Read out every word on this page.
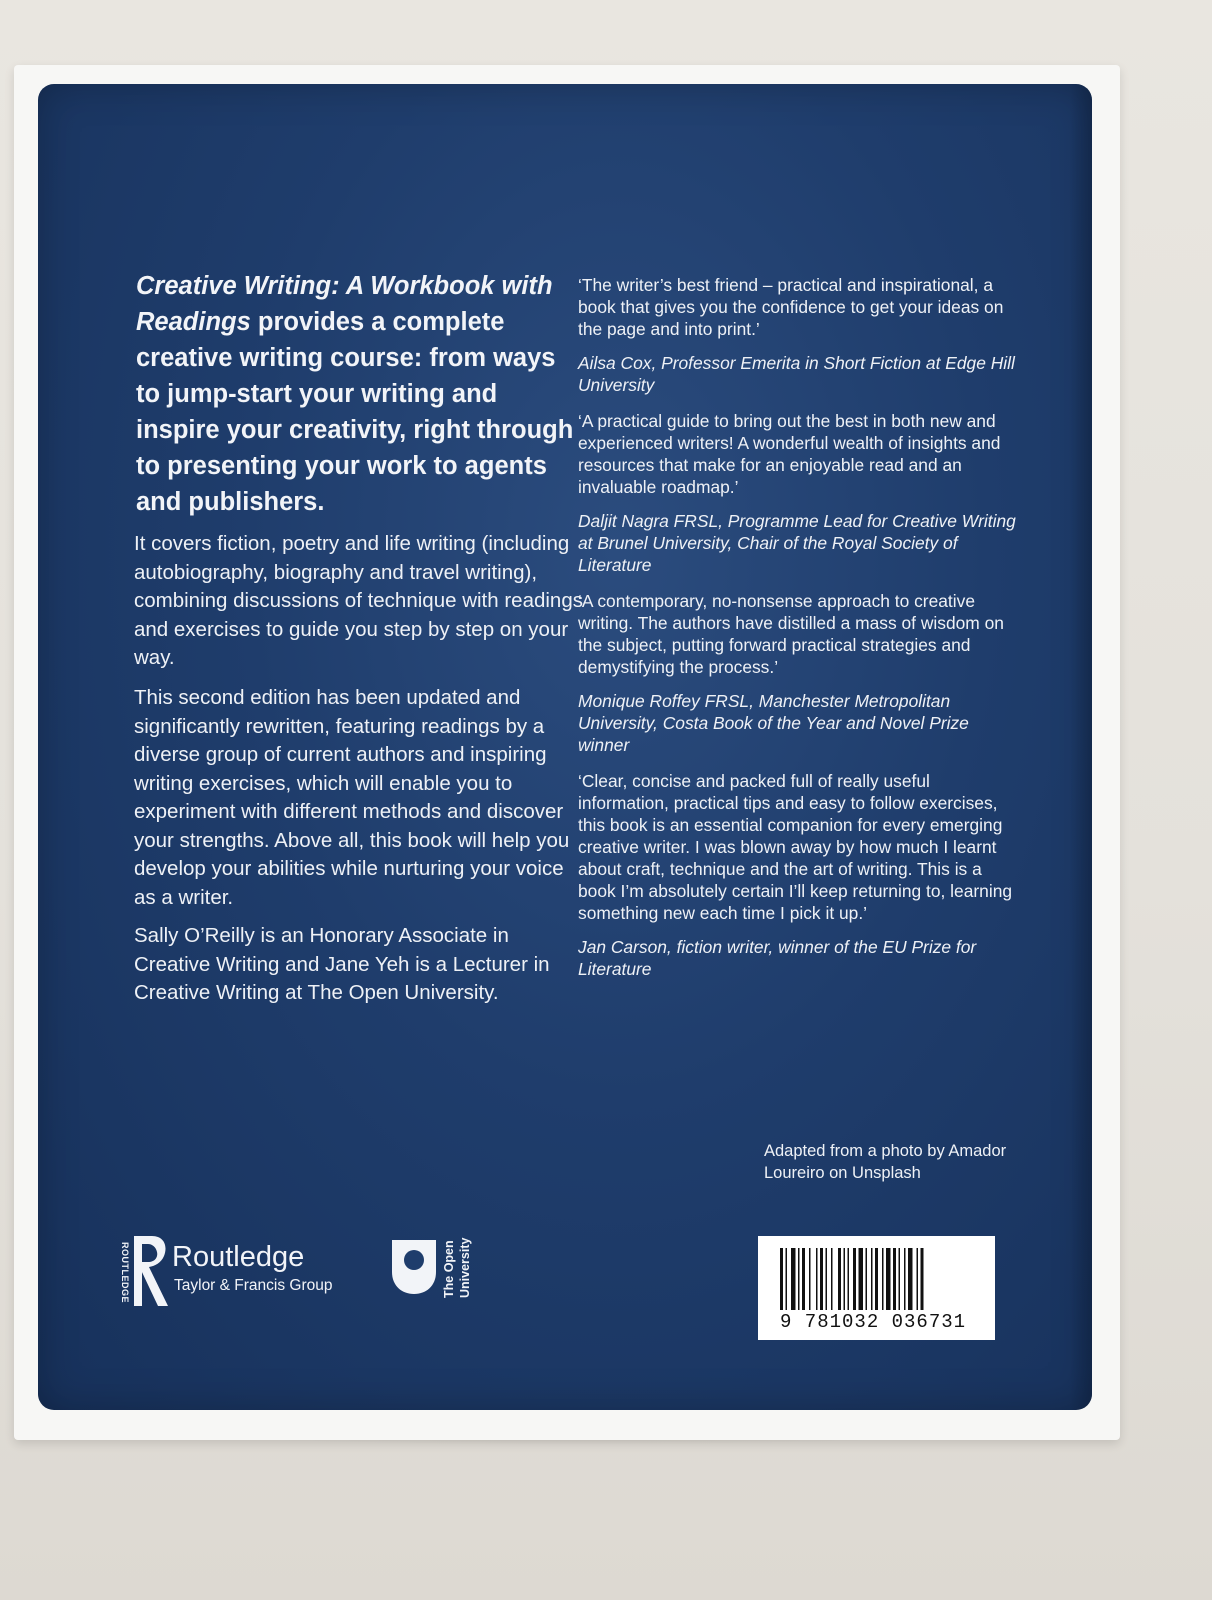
Creative Writing: A Workbook with Readings provides a complete creative writing course: from ways to jump-start your writing and inspire your creativity, right through to presenting your work to agents and publishers.

It covers fiction, poetry and life writing (including autobiography, biography and travel writing), combining discussions of technique with readings and exercises to guide you step by step on your way.

This second edition has been updated and significantly rewritten, featuring readings by a diverse group of current authors and inspiring writing exercises, which will enable you to experiment with different methods and discover your strengths. Above all, this book will help you develop your abilities while nurturing your voice as a writer.

Sally O’Reilly is an Honorary Associate in Creative Writing and Jane Yeh is a Lecturer in Creative Writing at The Open University.

‘The writer’s best friend – practical and inspirational, a book that gives you the confidence to get your ideas on the page and into print.’

Ailsa Cox, Professor Emerita in Short Fiction at Edge Hill University

‘A practical guide to bring out the best in both new and experienced writers! A wonderful wealth of insights and resources that make for an enjoyable read and an invaluable roadmap.’

Daljit Nagra FRSL, Programme Lead for Creative Writing at Brunel University, Chair of the Royal Society of Literature

‘A contemporary, no-nonsense approach to creative writing. The authors have distilled a mass of wisdom on the subject, putting forward practical strategies and demystifying the process.’

Monique Roffey FRSL, Manchester Metropolitan University, Costa Book of the Year and Novel Prize winner

‘Clear, concise and packed full of really useful information, practical tips and easy to follow exercises, this book is an essential companion for every emerging creative writer. I was blown away by how much I learnt about craft, technique and the art of writing. This is a book I’m absolutely certain I’ll keep returning to, learning something new each time I pick it up.’

Jan Carson, fiction writer, winner of the EU Prize for Literature

Adapted from a photo by Amador Loureiro on Unsplash

9 781032 036731
ROUTLEDGE Routledge
Taylor & Francis Group	The Open University
